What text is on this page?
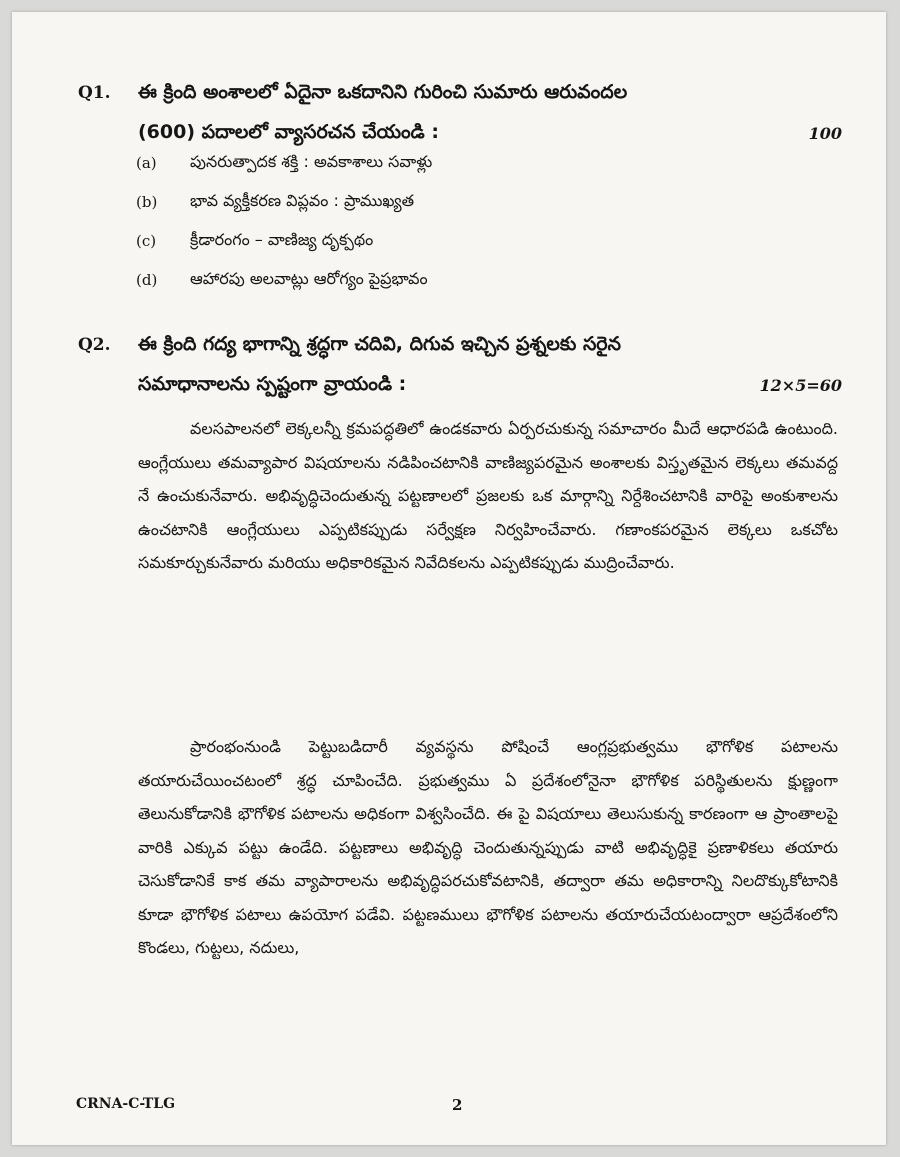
Q1. ఈ క్రింది అంశాలలో ఏదైనా ఒకదానిని గురించి సుమారు ఆరువందల
(600) పదాలలో వ్యాసరచన చేయండి :	100
(a) పునరుత్పాదక శక్తి : అవకాశాలు సవాళ్లు
(b) భావ వ్యక్తీకరణ విప్లవం : ప్రాముఖ్యత
(c) క్రీడారంగం – వాణిజ్య దృక్పథం
(d) ఆహారపు అలవాట్లు ఆరోగ్యం పైప్రభావం
Q2. ఈ క్రింది గద్య భాగాన్ని శ్రద్ధగా చదివి, దిగువ ఇచ్చిన ప్రశ్నలకు సరైన
సమాధానాలను స్పష్టంగా వ్రాయండి :	12×5=60

వలసపాలనలో లెక్కలన్నీ క్రమపద్ధతిలో ఉండకవారు ఏర్పరచుకున్న సమాచారం మీదే ఆధారపడి ఉంటుంది. ఆంగ్లేయులు తమవ్యాపార విషయాలను నడిపించటానికి వాణిజ్యపరమైన అంశాలకు విస్తృతమైన లెక్కలు తమవద్ద నే ఉంచుకునేవారు. అభివృద్ధిచెందుతున్న పట్టణాలలో ప్రజలకు ఒక మార్గాన్ని నిర్దేశించటానికి వారిపై అంకుశాలను ఉంచటానికి ఆంగ్లేయులు ఎప్పటికప్పుడు సర్వేక్షణ నిర్వహించేవారు. గణాంకపరమైన లెక్కలు ఒకచోట సమకూర్చుకునేవారు మరియు అధికారికమైన నివేదికలను ఎప్పటికప్పుడు ముద్రించేవారు.

ప్రారంభంనుండి పెట్టుబడిదారీ వ్యవస్థను పోషించే ఆంగ్లప్రభుత్వము భౌగోళిక పటాలను తయారుచేయించటంలో శ్రద్ధ చూపించేది. ప్రభుత్వము ఏ ప్రదేశంలోనైనా భౌగోళిక పరిస్థితులను క్షుణ్ణంగా తెలునుకోడానికి భౌగోళిక పటాలను అధికంగా విశ్వసించేది. ఈ పై విషయాలు తెలుసుకున్న కారణంగా ఆ ప్రాంతాలపై వారికి ఎక్కువ పట్టు ఉండేది. పట్టణాలు అభివృద్ధి చెందుతున్నప్పుడు వాటి అభివృద్ధికై ప్రణాళికలు తయారు చెసుకోడానికే కాక తమ వ్యాపారాలను అభివృద్ధిపరచుకోవటానికి, తద్వారా తమ అధికారాన్ని నిలదొక్కుకోటానికి కూడా భౌగోళిక పటాలు ఉపయోగ పడేవి. పట్టణములు భౌగోళిక పటాలను తయారుచేయటంద్వారా ఆప్రదేశంలోని కొండలు, గుట్టలు, నదులు,

CRNA-C-TLG	2
